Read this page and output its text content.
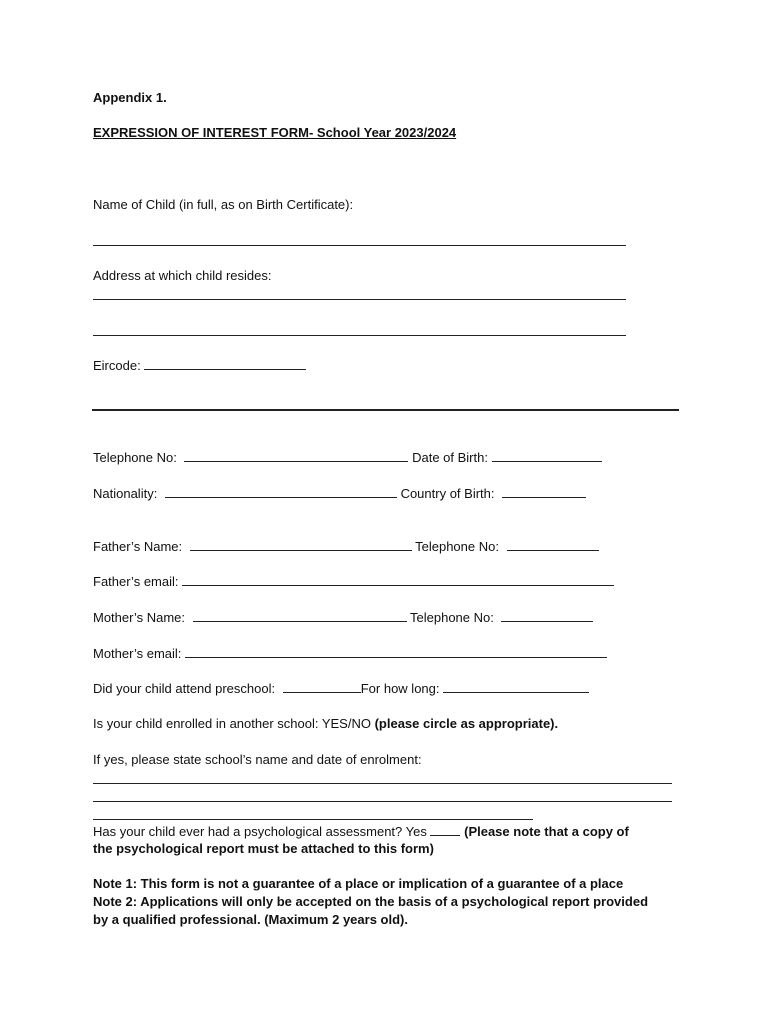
Appendix 1.
EXPRESSION OF INTEREST FORM- School Year 2023/2024
Name of Child (in full, as on Birth Certificate):
Address at which child resides:
Eircode:
Telephone No:	Date of Birth:
Nationality:	Country of Birth:
Father’s Name:	Telephone No:
Father’s email:
Mother’s Name:	Telephone No:
Mother’s email:
Did your child attend preschool:	For how long:
Is your child enrolled in another school: YES/NO (please circle as appropriate).
If yes, please state school’s name and date of enrolment:
Has your child ever had a psychological assessment? Yes	(Please note that a copy of
the psychological report must be attached to this form)
Note 1: This form is not a guarantee of a place or implication of a guarantee of a place
Note 2: Applications will only be accepted on the basis of a psychological report provided
by a qualified professional. (Maximum 2 years old).
